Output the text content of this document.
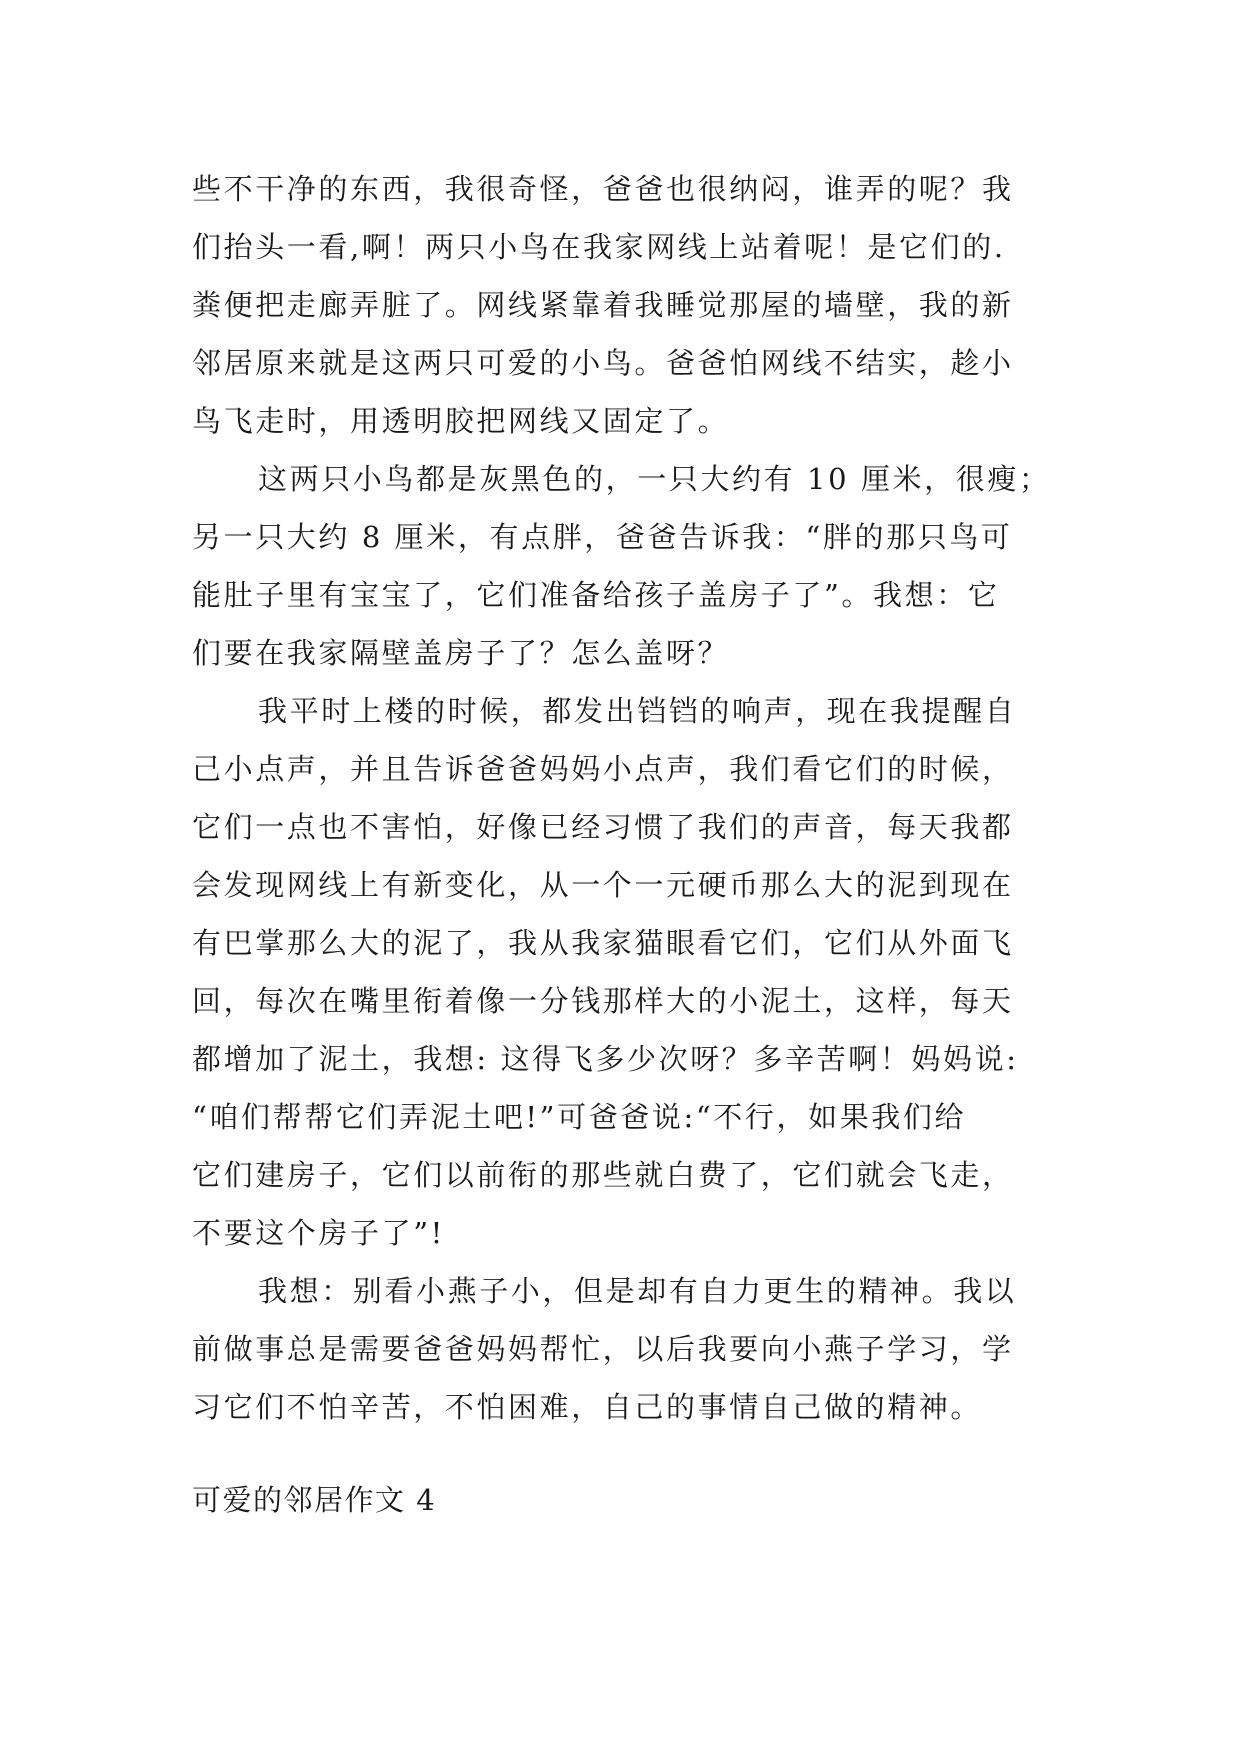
些不干净的东西，我很奇怪，爸爸也很纳闷，谁弄的呢？我
们抬头一看,啊！两只小鸟在我家网线上站着呢！是它们的.
粪便把走廊弄脏了。网线紧靠着我睡觉那屋的墙壁，我的新
邻居原来就是这两只可爱的小鸟。爸爸怕网线不结实，趁小
鸟飞走时，用透明胶把网线又固定了。
这两只小鸟都是灰黑色的，一只大约有 10 厘米，很瘦；
另一只大约 8 厘米，有点胖，爸爸告诉我：“胖的那只鸟可
能肚子里有宝宝了，它们准备给孩子盖房子了”。我想：它
们要在我家隔壁盖房子了？怎么盖呀？
我平时上楼的时候，都发出铛铛的响声，现在我提醒自
己小点声，并且告诉爸爸妈妈小点声，我们看它们的时候，
它们一点也不害怕，好像已经习惯了我们的声音，每天我都
会发现网线上有新变化，从一个一元硬币那么大的泥到现在
有巴掌那么大的泥了，我从我家猫眼看它们，它们从外面飞
回，每次在嘴里衔着像一分钱那样大的小泥土，这样，每天
都增加了泥土，我想: 这得飞多少次呀？多辛苦啊！妈妈说:
“咱们帮帮它们弄泥土吧!”可爸爸说:“不行，如果我们给
它们建房子，它们以前衔的那些就白费了，它们就会飞走，
不要这个房子了”!
我想：别看小燕子小，但是却有自力更生的精神。我以
前做事总是需要爸爸妈妈帮忙，以后我要向小燕子学习，学
习它们不怕辛苦，不怕困难，自己的事情自己做的精神。
可爱的邻居作文 4
